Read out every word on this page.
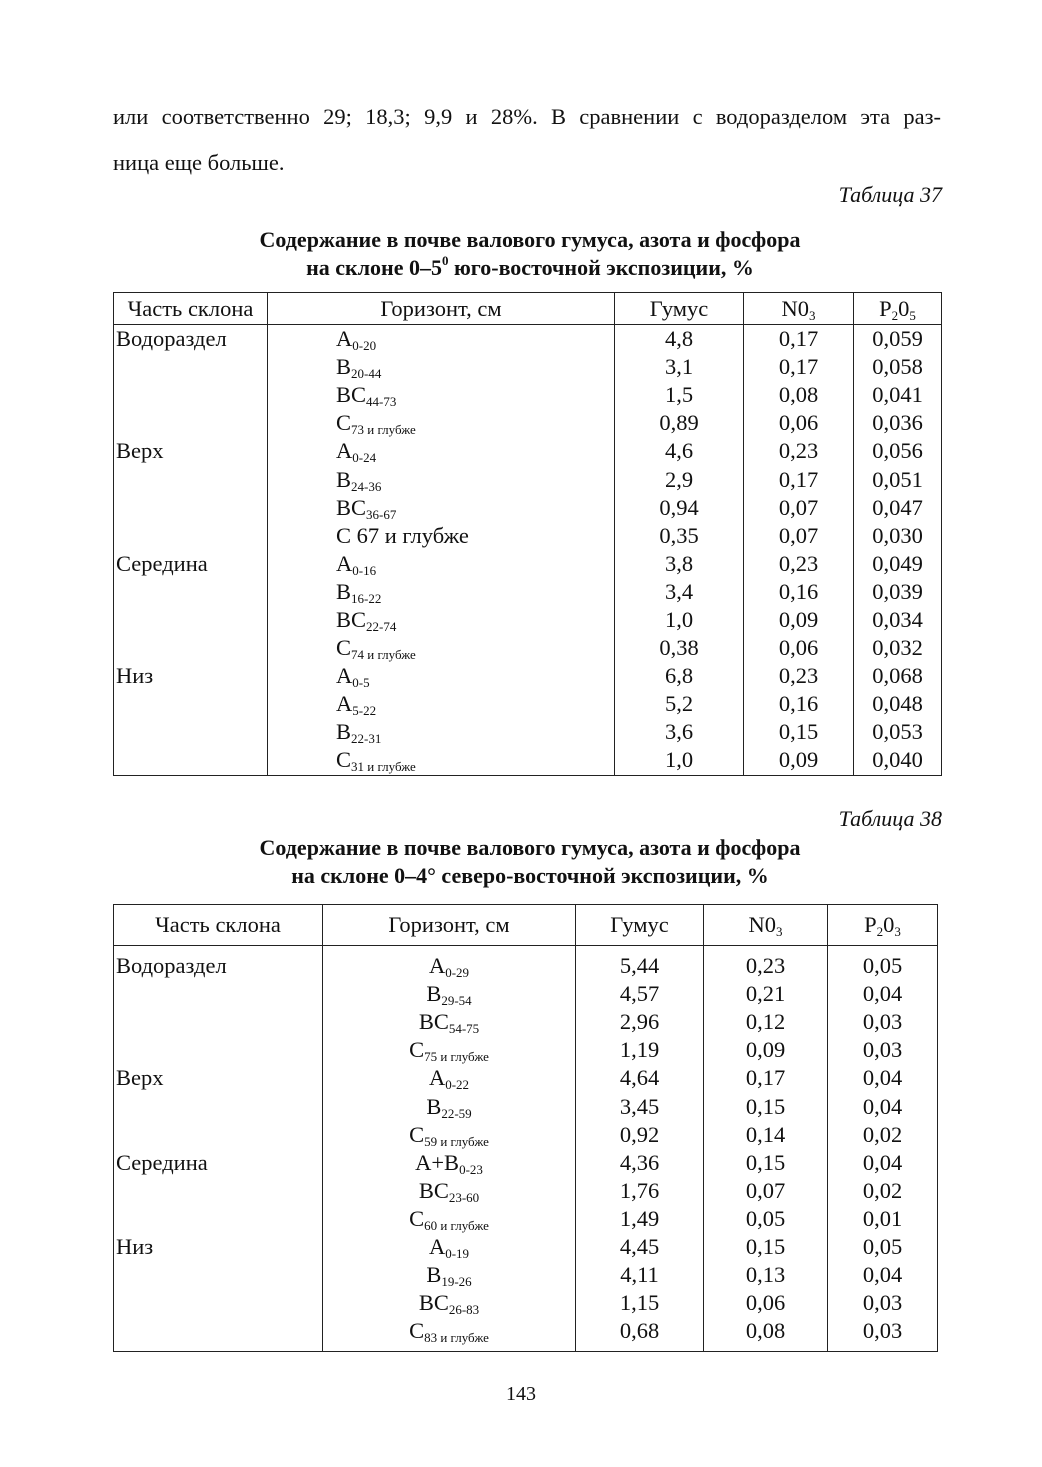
или соответственно 29; 18,3; 9,9 и 28%. В сравнении с водоразделом эта раз-
ница еще больше.
Таблица 37
Содержание в почве валового гумуса, азота и фосфора
на склоне $0-5^0$ юго-восточной экспозиции, %
Часть склона	Горизонт, см	Гумус	$N0_3$	$P_20_5$
Водораздел	$A_{0-20}$	4,8	0,17	0,059
	$B_{20-44}$	3,1	0,17	0,058
	$BC_{44-73}$	1,5	0,08	0,041
	$C_{73 и глубже}$	0,89	0,06	0,036
Верх	$A_{0-24}$	4,6	0,23	0,056
	$B_{24-36}$	2,9	0,17	0,051
	$BC_{36-67}$	0,94	0,07	0,047
	C 67 и глубже	0,35	0,07	0,030
Середина	$A_{0-16}$	3,8	0,23	0,049
	$B_{16-22}$	3,4	0,16	0,039
	$BC_{22-74}$	1,0	0,09	0,034
	$C_{74 и глубже}$	0,38	0,06	0,032
Низ	$A_{0-5}$	6,8	0,23	0,068
	$A_{5-22}$	5,2	0,16	0,048
	$B_{22-31}$	3,6	0,15	0,053
	$C_{31 и глубже}$	1,0	0,09	0,040
Таблица 38
Содержание в почве валового гумуса, азота и фосфора
на склоне 0–4° северо-восточной экспозиции, %
Часть склона	Горизонт, см	Гумус	$N0_3$	$P_20_3$
Водораздел	$A_{0-29}$	5,44	0,23	0,05
	$B_{29-54}$	4,57	0,21	0,04
	$BC_{54-75}$	2,96	0,12	0,03
	$C_{75 и глубже}$	1,19	0,09	0,03
Верх	$A_{0-22}$	4,64	0,17	0,04
	$B_{22-59}$	3,45	0,15	0,04
	$C_{59 и глубже}$	0,92	0,14	0,02
Середина	$A+B_{0-23}$	4,36	0,15	0,04
	$BC_{23-60}$	1,76	0,07	0,02
	$C_{60 и глубже}$	1,49	0,05	0,01
Низ	$A_{0-19}$	4,45	0,15	0,05
	$B_{19-26}$	4,11	0,13	0,04
	$BC_{26-83}$	1,15	0,06	0,03
	$C_{83 и глубже}$	0,68	0,08	0,03
143
